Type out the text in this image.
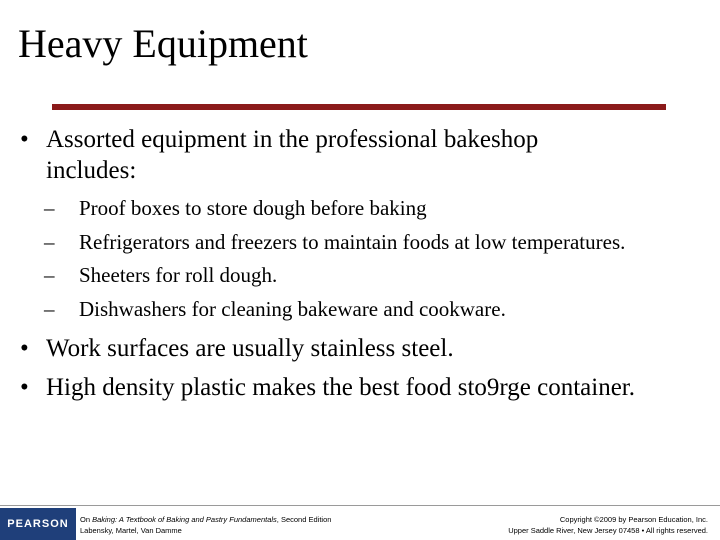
Heavy Equipment
• Assorted equipment in the professional bakeshop
includes:
– Proof boxes to store dough before baking
– Refrigerators and freezers to maintain foods at low temperatures.
– Sheeters for roll dough.
– Dishwashers for cleaning bakeware and cookware.
• Work surfaces are usually stainless steel.
• High density plastic makes the best food sto9rge container.
PEARSON	On Baking: A Textbook of Baking and Pastry Fundamentals, Second Edition
Labensky, Martel, Van Damme
Copyright ©2009 by Pearson Education, Inc.
Upper Saddle River, New Jersey 07458 • All rights reserved.
